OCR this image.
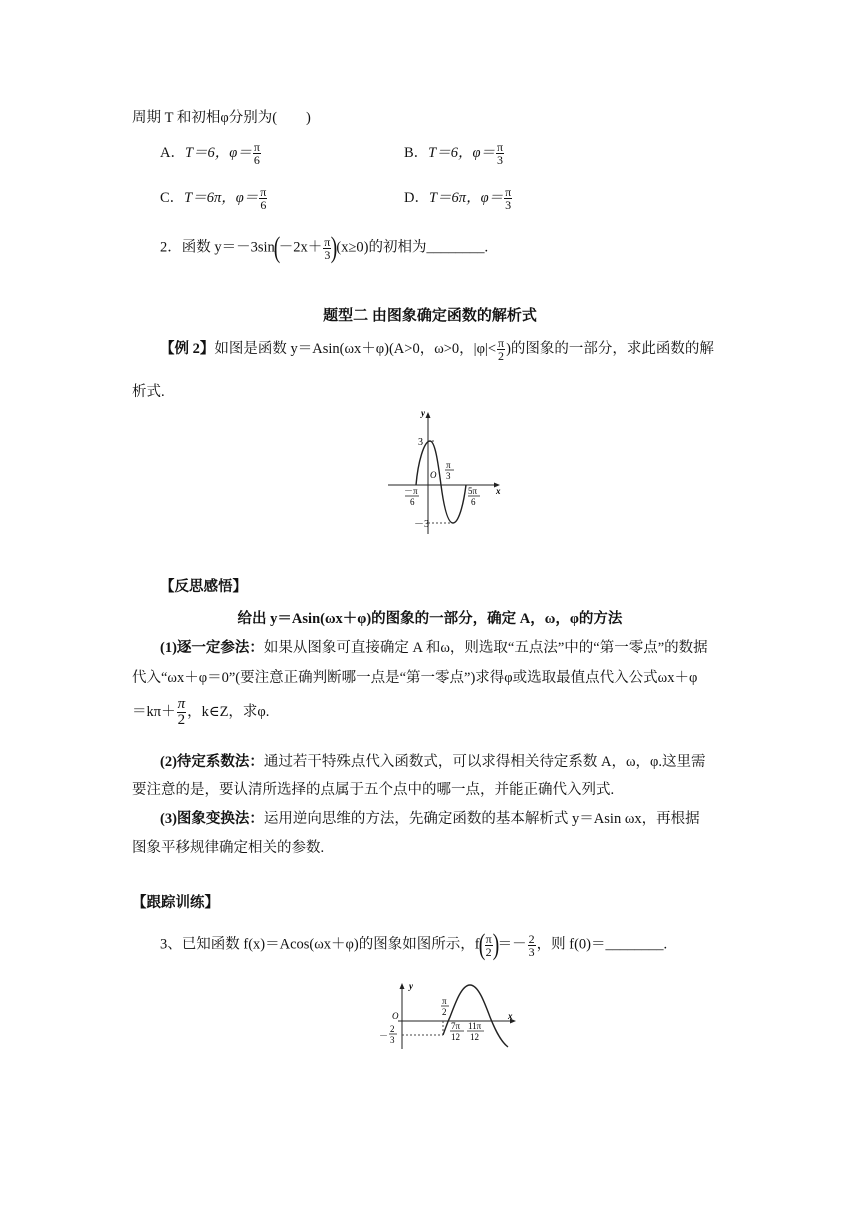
周期 T 和初相φ分别为(　　)
A．T＝6，$\varphi= \frac{\pi}{6}$	B．T＝6，$\varphi= \frac{\pi}{3}$
C．T＝6π，$\varphi= \frac{\pi}{6}$	D．T＝6π，$\varphi= \frac{\pi}{3}$
2．函数 $y=-3\sin(-2x+ \frac{\pi}{3} )(x\ge 0)$的初相为________.
题型二 由图象确定函数的解析式
【例 2】如图是函数 y＝Asin(ωx＋φ)(A>0，ω>0，$|\varphi|< \frac{\pi}{2}$ )的图象的一部分，求此函数的解
析式.
y
x
3
－3
O
π
3
－π
6
5π
6
【反思感悟】
给出 y＝Asin(ωx＋φ)的图象的一部分，确定 A，ω，φ的方法
(1)逐一定参法：如果从图象可直接确定 A 和ω，则选取“五点法”中的“第一零点”的数据
代入“ωx＋φ＝0”(要注意正确判断哪一点是“第一零点”)求得φ或选取最值点代入公式ωx＋φ
$=k\pi+ \frac{\pi}{2}$ ，k∈Z，求φ.
(2)待定系数法：通过若干特殊点代入函数式，可以求得相关待定系数 A，ω，φ.这里需
要注意的是，要认清所选择的点属于五个点中的哪一点，并能正确代入列式.
(3)图象变换法：运用逆向思维的方法，先确定函数的基本解析式 y＝Asin ωx，再根据
图象平移规律确定相关的参数.
【跟踪训练】
3、已知函数 f(x)＝Acos(ωx＋φ)的图象如图所示，$f( \frac{\pi}{2}$ )＝－ $\frac{2}{3}$ ，则 f(0)＝________.
y
x
O
π
2
－
2
3
7π
12
11π
12
